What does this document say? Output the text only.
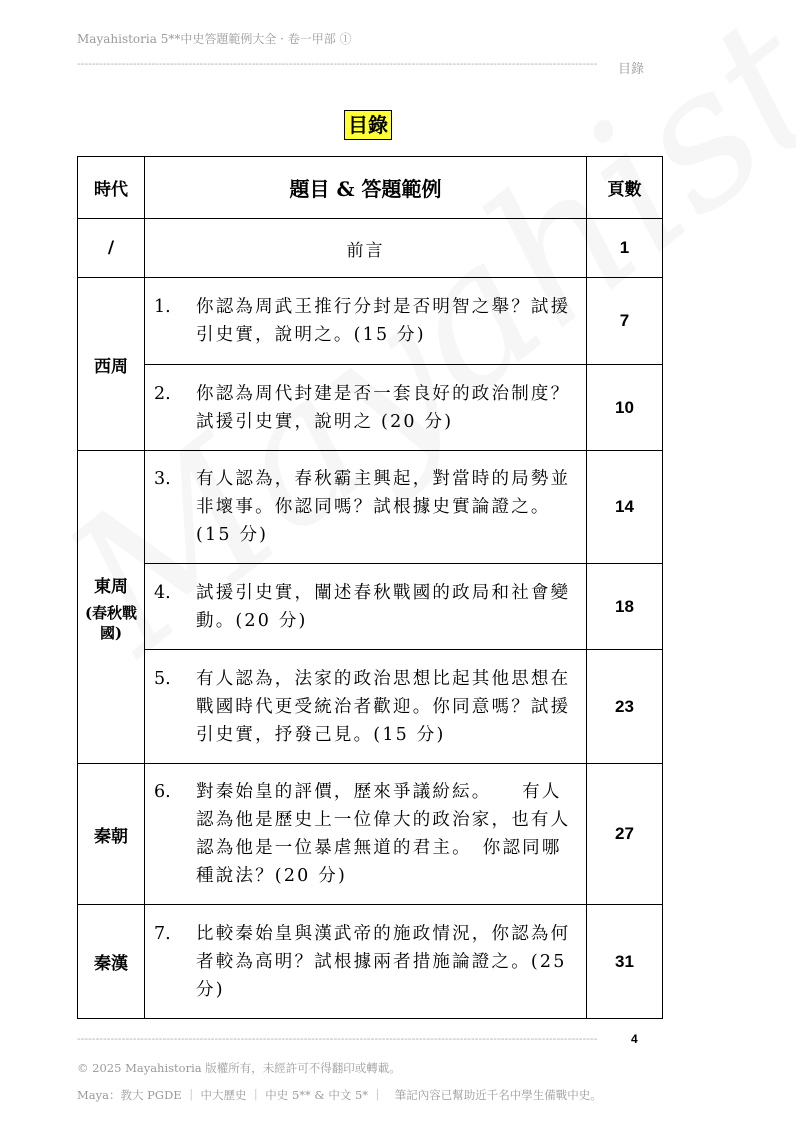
Mayahistoria 5**中史答題範例大全 · 卷一甲部 ①
--------------------------------------------------------------------------------------------------------------------------------------------	目錄
目錄
時代	題目 & 答題範例	頁數
/	前言	1
西周	1. 你認為周武王推行分封是否明智之舉？試援引史實，說明之。(15 分)	7

	2. 你認為周代封建是否一套良好的政治制度？試援引史實，說明之 (20 分)	10
東周
(春秋戰國)	3. 有人認為，春秋霸主興起，對當時的局勢並非壞事。你認同嗎？試根據史實論證之。(15 分)	14

	4. 試援引史實，闡述春秋戰國的政局和社會變動。(20 分)	18

	5. 有人認為，法家的政治思想比起其他思想在戰國時代更受統治者歡迎。你同意嗎？試援引史實，抒發己見。(15 分)	23
秦朝	6. 對秦始皇的評價，歷來爭議紛紜。　　有人認為他是歷史上一位偉大的政治家，也有人認為他是一位暴虐無道的君主。　你認同哪種說法？(20 分)	27
秦漢	7. 比較秦始皇與漢武帝的施政情況，你認為何者較為高明？試根據兩者措施論證之。(25 分)	31
--------------------------------------------------------------------------------------------------------------------------------------------	4
© 2025 Mayahistoria 版權所有，未經許可不得翻印或轉載。
Maya：教大 PGDE ｜ 中大歷史 ｜ 中史 5** & 中文 5* ｜　筆記內容已幫助近千名中學生備戰中史。
